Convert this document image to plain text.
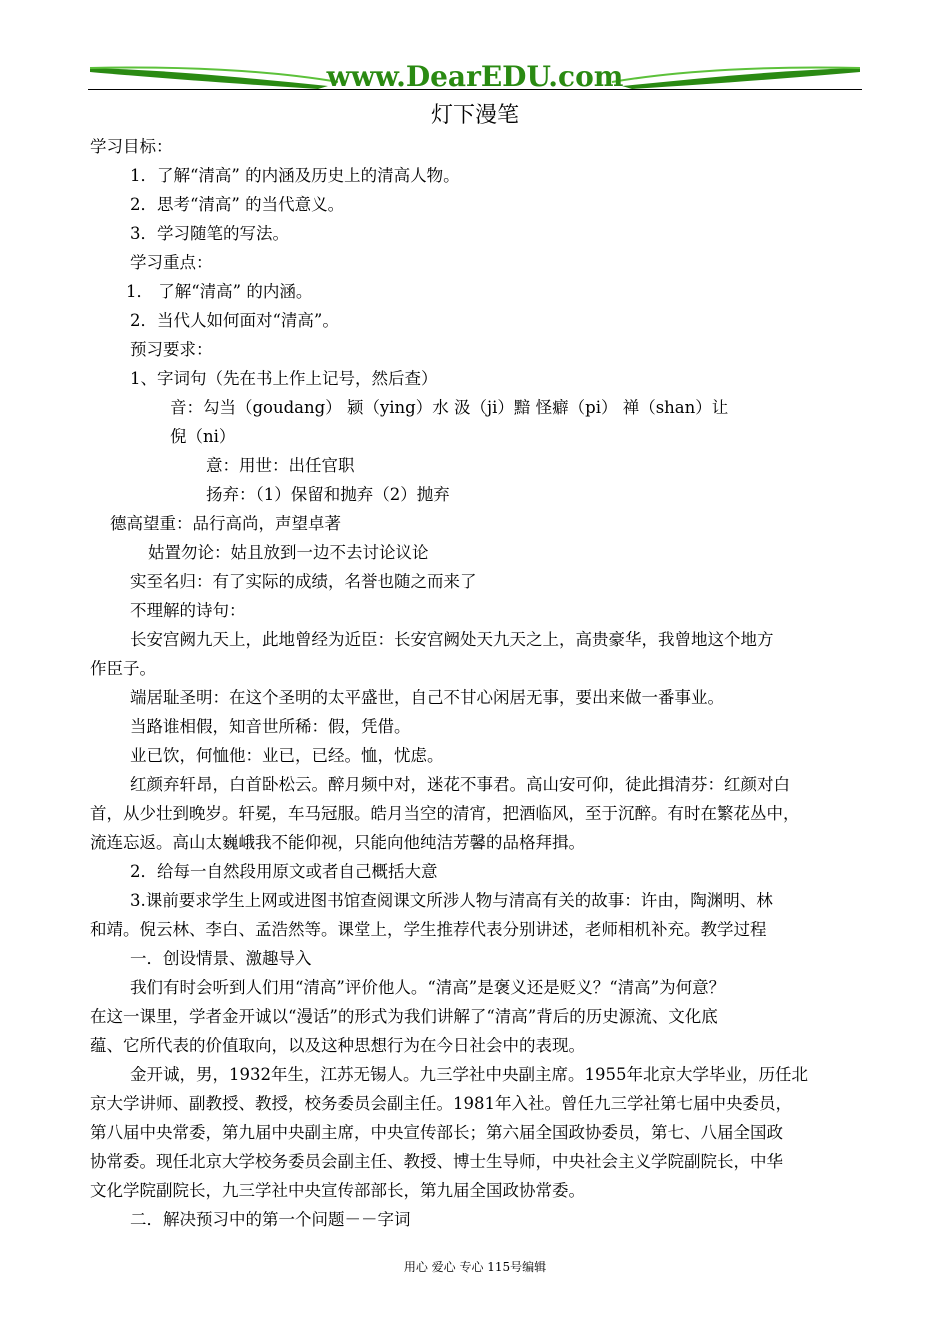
www.DearEDU.com
灯下漫笔
学习目标：
1．了解“清高” 的内涵及历史上的清高人物。
2．思考“清高” 的当代意义。
3．学习随笔的写法。
学习重点：
1． 了解“清高” 的内涵。
2．当代人如何面对“清高”。
预习要求：
1、字词句（先在书上作上记号，然后查）
音：勾当（goudang） 颍（ying）水 汲（ji）黯 怪癖（pi） 禅（shan）让
倪（ni）
意：用世：出任官职
扬弃：（1）保留和抛弃（2）抛弃
德高望重：品行高尚，声望卓著
姑置勿论：姑且放到一边不去讨论议论
实至名归：有了实际的成绩，名誉也随之而来了
不理解的诗句：
长安宫阙九天上，此地曾经为近臣：长安宫阙处天九天之上，高贵豪华，我曾地这个地方
作臣子。
端居耻圣明：在这个圣明的太平盛世，自己不甘心闲居无事，要出来做一番事业。
当路谁相假，知音世所稀：假，凭借。
业已饮，何恤他：业已，已经。恤，忧虑。
红颜弃轩昂，白首卧松云。醉月频中对，迷花不事君。高山安可仰，徒此揖清芬：红颜对白
首，从少壮到晚岁。轩冕，车马冠服。皓月当空的清宵，把酒临风，至于沉醉。有时在繁花丛中，
流连忘返。高山太巍峨我不能仰视，只能向他纯洁芳馨的品格拜揖。
2．给每一自然段用原文或者自己概括大意
3.课前要求学生上网或进图书馆查阅课文所涉人物与清高有关的故事：许由，陶渊明、林
和靖。倪云林、李白、孟浩然等。课堂上，学生推荐代表分别讲述，老师相机补充。教学过程
一．创设情景、激趣导入
我们有时会听到人们用“清高”评价他人。“清高”是褒义还是贬义？“清高”为何意？
在这一课里，学者金开诚以“漫话”的形式为我们讲解了“清高”背后的历史源流、文化底
蕴、它所代表的价值取向，以及这种思想行为在今日社会中的表现。
金开诚，男，1932年生，江苏无锡人。九三学社中央副主席。1955年北京大学毕业，历任北
京大学讲师、副教授、教授，校务委员会副主任。1981年入社。曾任九三学社第七届中央委员，
第八届中央常委，第九届中央副主席，中央宣传部长；第六届全国政协委员，第七、八届全国政
协常委。现任北京大学校务委员会副主任、教授、博士生导师，中央社会主义学院副院长，中华
文化学院副院长，九三学社中央宣传部部长，第九届全国政协常委。
二．解决预习中的第一个问题－－字词
用心 爱心 专心 115号编辑
